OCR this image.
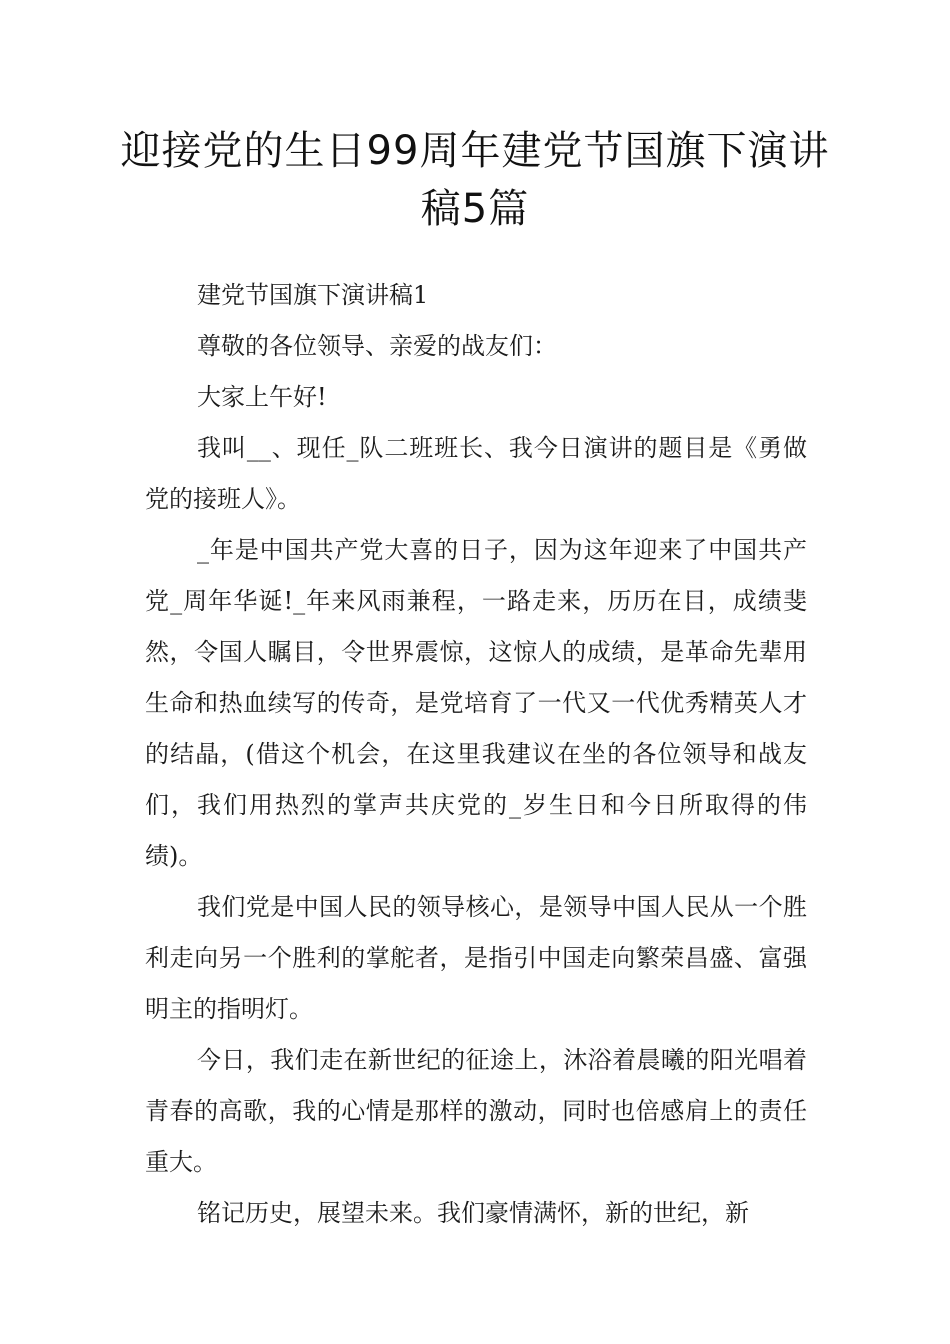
迎接党的生日99周年建党节国旗下演讲稿5篇

建党节国旗下演讲稿1

尊敬的各位领导、亲爱的战友们：

大家上午好!

我叫__、现任_队二班班长、我今日演讲的题目是《勇做党的接班人》。

_年是中国共产党大喜的日子，因为这年迎来了中国共产党_周年华诞!_年来风雨兼程，一路走来，历历在目，成绩斐然，令国人瞩目，令世界震惊，这惊人的成绩，是革命先辈用生命和热血续写的传奇，是党培育了一代又一代优秀精英人才的结晶，(借这个机会，在这里我建议在坐的各位领导和战友们，我们用热烈的掌声共庆党的_岁生日和今日所取得的伟绩)。

我们党是中国人民的领导核心，是领导中国人民从一个胜利走向另一个胜利的掌舵者，是指引中国走向繁荣昌盛、富强明主的指明灯。

今日，我们走在新世纪的征途上，沐浴着晨曦的阳光唱着青春的高歌，我的心情是那样的激动，同时也倍感肩上的责任重大。

铭记历史，展望未来。我们豪情满怀，新的世纪，新
